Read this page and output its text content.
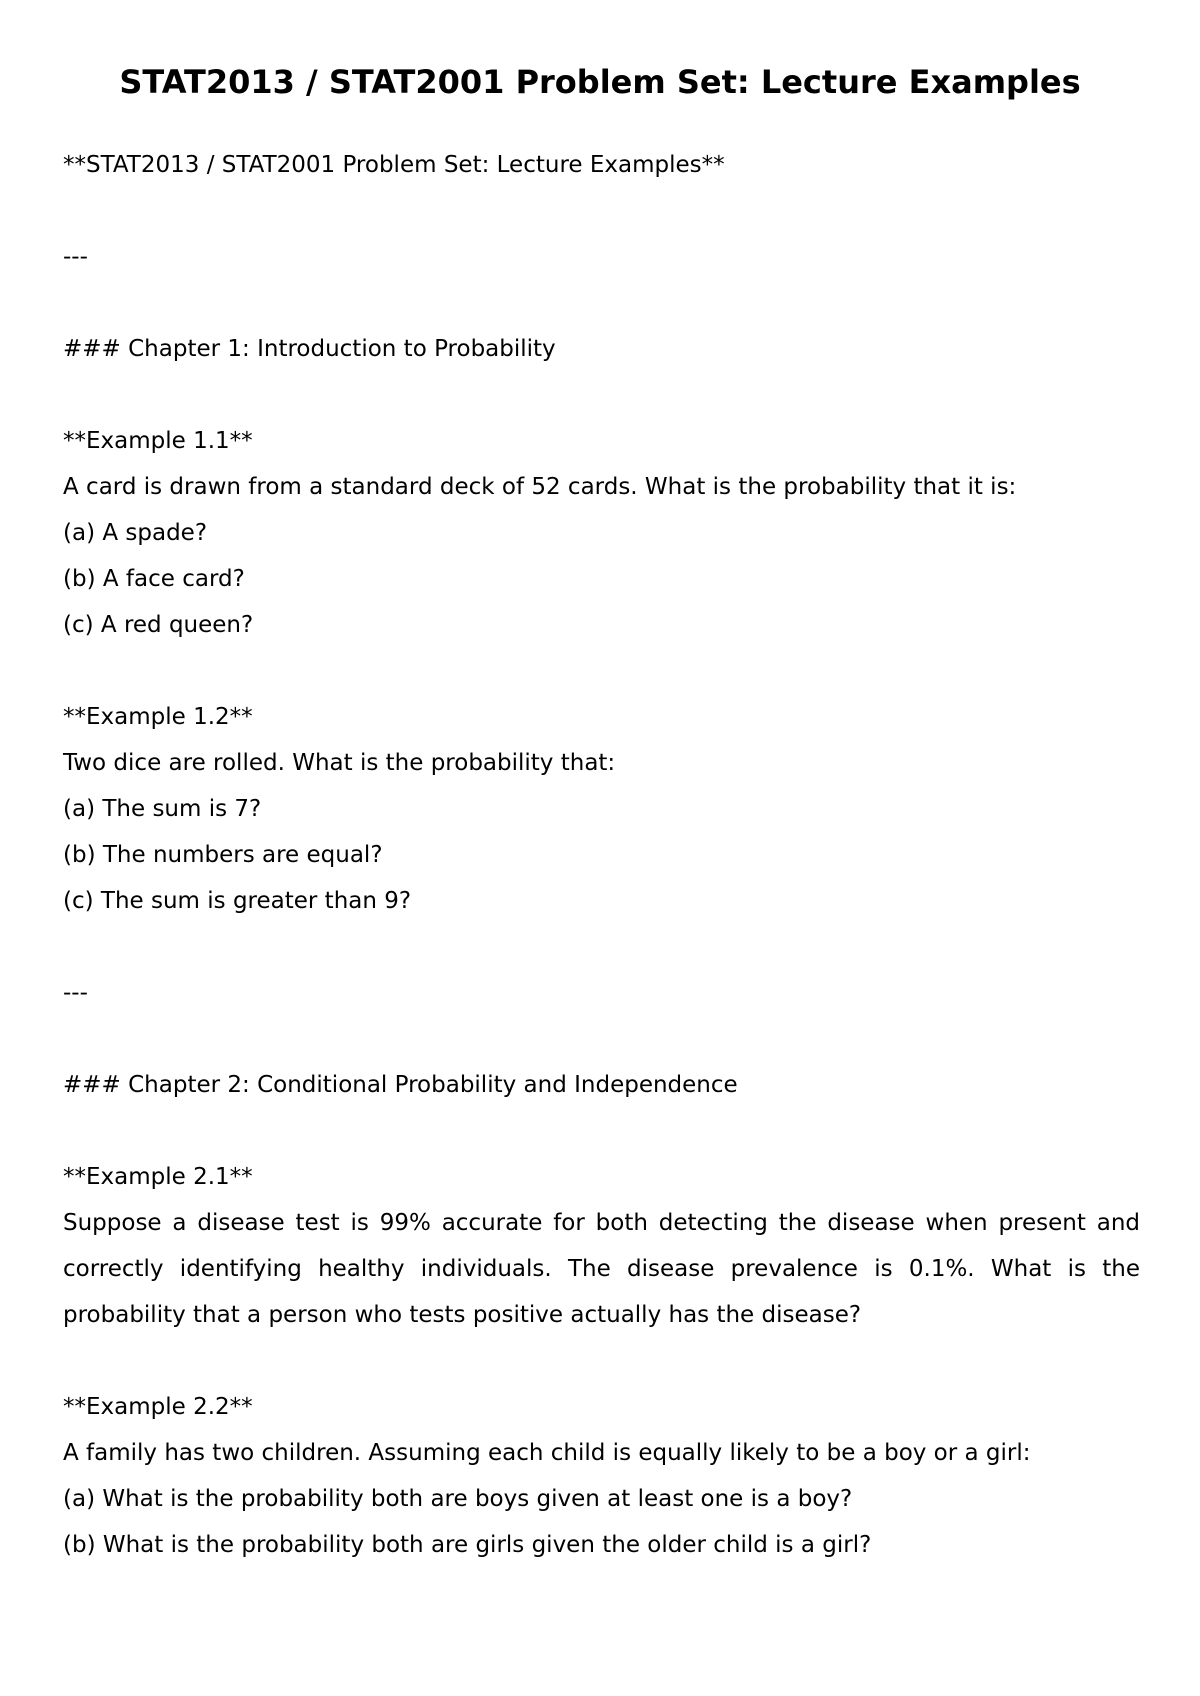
STAT2013 / STAT2001 Problem Set: Lecture Examples
**STAT2013 / STAT2001 Problem Set: Lecture Examples**
---
### Chapter 1: Introduction to Probability
**Example 1.1**
A card is drawn from a standard deck of 52 cards. What is the probability that it is:
(a) A spade?
(b) A face card?
(c) A red queen?
**Example 1.2**
Two dice are rolled. What is the probability that:
(a) The sum is 7?
(b) The numbers are equal?
(c) The sum is greater than 9?
---
### Chapter 2: Conditional Probability and Independence
**Example 2.1**
Suppose a disease test is 99% accurate for both detecting the disease when present and correctly identifying healthy individuals. The disease prevalence is 0.1%. What is the probability that a person who tests positive actually has the disease?
**Example 2.2**
A family has two children. Assuming each child is equally likely to be a boy or a girl:
(a) What is the probability both are boys given at least one is a boy?
(b) What is the probability both are girls given the older child is a girl?
